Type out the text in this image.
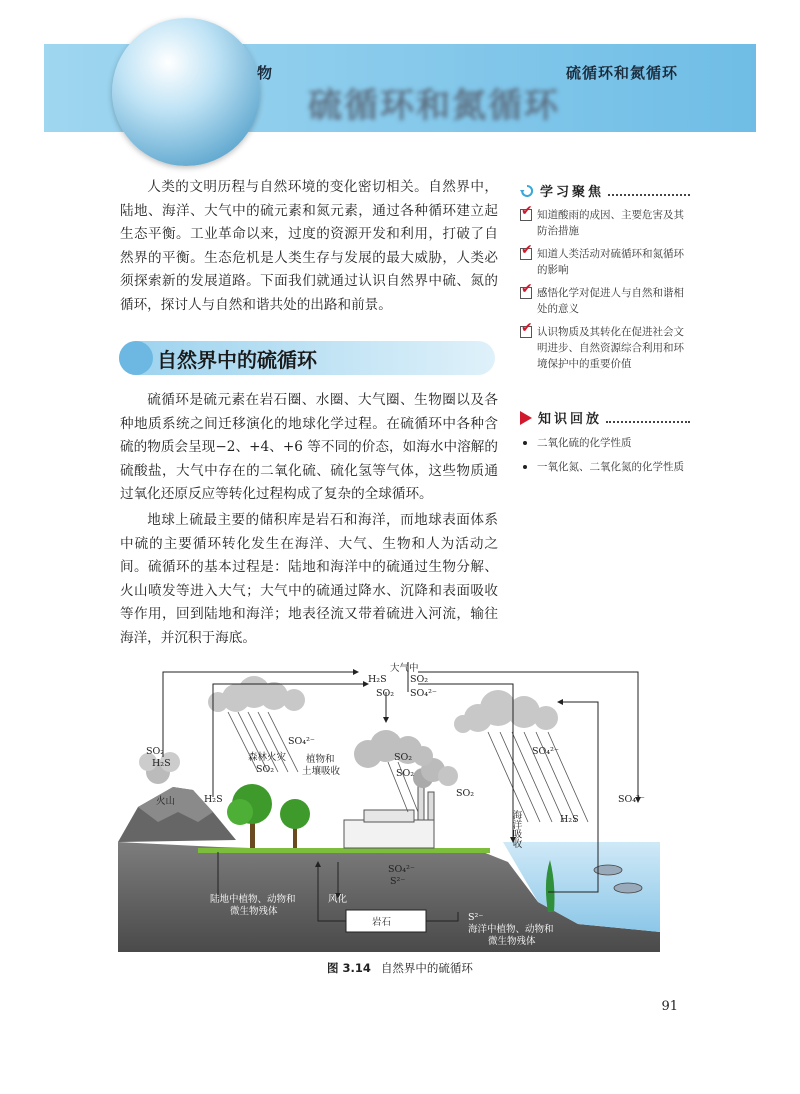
物	硫循环和氮循环
硫循环和氮循环

人类的文明历程与自然环境的变化密切相关。自然界中，陆地、海洋、大气中的硫元素和氮元素，通过各种循环建立起生态平衡。工业革命以来，过度的资源开发和利用，打破了自然界的平衡。生态危机是人类生存与发展的最大威胁，人类必须探索新的发展道路。下面我们就通过认识自然界中硫、氮的循环，探讨人与自然和谐共处的出路和前景。

自然界中的硫循环

硫循环是硫元素在岩石圈、水圈、大气圈、生物圈以及各种地质系统之间迁移演化的地球化学过程。在硫循环中各种含硫的物质会呈现−2、+4、+6 等不同的价态，如海水中溶解的硫酸盐，大气中存在的二氧化硫、硫化氢等气体，这些物质通过氧化还原反应等转化过程构成了复杂的全球循环。

地球上硫最主要的储积库是岩石和海洋，而地球表面体系中硫的主要循环转化发生在海洋、大气、生物和人为活动之间。硫循环的基本过程是：陆地和海洋中的硫通过生物分解、火山喷发等进入大气；大气中的硫通过降水、沉降和表面吸收等作用，回到陆地和海洋；地表径流又带着硫进入河流，输往海洋，并沉积于海底。

学习聚焦
✔ 知道酸雨的成因、主要危害及其防治措施
✔ 知道人类活动对硫循环和氮循环的影响
✔ 感悟化学对促进人与自然和谐相处的意义
✔ 认识物质及其转化在促进社会文明进步、自然资源综合利用和环境保护中的重要价值
知识回放
二氧化硫的化学性质
一氧化氮、二氧化氮的化学性质
大气中
H₂S SO₂
SO₂ SO₄²⁻
SO₂
H₂S
火山	H₂S
森林火灾
SO₂
SO₄²⁻
植物和
土壤吸收
SO₂
SO₂
SO₂
SO₄²⁻
SO₄²⁻
H₂S
海洋吸收
SO₄²⁻
S²⁻
陆地中植物、动物和
微生物残体
风化
岩石	S²⁻
海洋中植物、动物和
微生物残体
图 3.14 自然界中的硫循环
91
